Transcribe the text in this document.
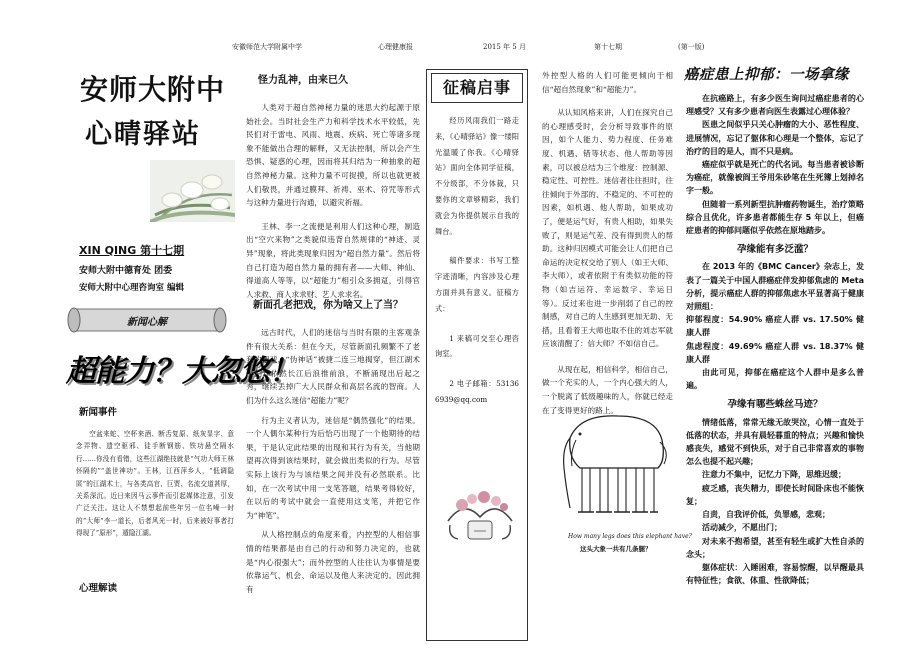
安徽师范大学附属中学	心理健康报	2015 年 5 月	第十七期	(第一版)
安师大附中
心晴驿站
XIN QING 第十七期
安师大附中德育处 团委
安师大附中心理咨询室 编辑
新闻心解
超能力？大忽悠！
新闻事件

空盆来蛇、空杯来酒、断舌复原、纸灰显字、意念弄物、遗空驱邪、徒手断钢筋、铁功悬空隔水行……你没有看错，这些江湖绝技就是“气功大师王林怀隔的”“盖世神功”。王林，江西萍乡人，“低调隐匿”的江湖术士，与各类高官、巨贾、名流交道甚厚，关系深沉。近日来因马云事件而引起媒体注意，引发广泛关注。这让人不禁想起前些年另一位名噪一时的“大师”李一道长，后者风光一时，后来被好事者打得现了“原形”，遁隐江湖。

心理解读
怪力乱神，由来已久

人类对于超自然神秘力量的迷思大约起源于原始社会。当时社会生产力和科学技术水平较低，先民们对于雷电、风雨、地震、疾病、死亡等诸多现象不能做出合理的解释，又无法控制，所以会产生恐惧、疑惑的心理，因而将其归结为一种抽象的超自然神秘力量。这种力量不可捉摸，所以也就更被人们敬畏，并通过膜拜、祈祷、巫术、符咒等形式与这种力量进行沟通，以避灾祈福。

王林、李一之流便是利用人们这种心理，制造出“空穴来物”之类貌似违背自然规律的“神迹、灵异”现象，将此类现象归因为“超自然力量”。然后将自己打造为超自然力量的拥有者——大师、神仙、得道高人等等，以“超能力”相引众多拥趸，引得官人求救、商人求求财、艺人求求名。

新面孔老把戏，你为啥又上了当？

远古时代，人们的迷信与当时有限的主客观条件有很大关系：但在今天，尽管新面孔频繁不了老套的把戏，“伪神话”被捷二连三地揭穿，但江湖术士们却依然长江后浪推前浪，不断涌现出后起之秀，继续丢掉广大人民群众和高层名流的智商。人们为什么这么迷信“超能力”呢？

行为主义者认为，迷信是“偶然强化”的结果。一个人偶尔某种行为后恰巧出现了一个他期待的结果，于是认定此结果的出现和其行为有关，当他期望再次得到该结果时，就会做出类似的行为。尽管实际上该行为与该结果之间并没有必然联系。比如，在一次考试中用一支笔答题，结果考得较好，在以后的考试中就会一直使用这支笔，并把它作为“神笔”。

从人格控制点的角度来看，内控型的人相信事情的结果都是由自己的行动和努力决定的，也就是“内心很强大”；而外控型的人往往认为事情是要依靠运气、机会、命运以及他人来决定的。因此拥有

征稿启事

经历风雨我们一路走来，《心晴驿站》像一缕阳光温暖了你我。《心晴驿站》面向全体同学征稿，不分级部，不分体裁，只要你的文章够精彩，我们就会为你提供展示自我的舞台。

稿件要求：书写工整字迹清晰，内容涉及心理方面并具有意义。征稿方式：

1 来稿可交至心理咨询室。

2 电子邮箱：531366939@qq.com

外控型人格的人们可能更倾向于相信“超自然现象”和“超能力”。

从认知风格来讲，人们在探究自己的心理感受时，会分析导致事件的原因，如个人能力、势力程度、任务难度、机遇、错等状态、他人帮助等因素，可以被总结为三个维度：控制源、稳定性、可控性。迷信者往往担时，往往倾向于外部的、不稳定的、不可控的因素，如机遇、他人帮助，如果成功了，便是运气好，有贵人相助，如果失败了，则是运气差、没有得到贵人的帮助。这种归因模式可能会让人们把自己命运的决定权交给了别人（如王大师、李大师），或者依附于有类似功能的符物（如吉运符、幸运数字、幸运日等）。反过来也进一步削弱了自己的控制感，对自己的人生感到更加无助、无措，且看着王大师也取不住的刘志军就应该清醒了：信大师？不如信自己。

从现在起，相信科学，相信自己，做一个充实的人，一个内心强大的人，一个脱离了低级趣味的人，你就已经走在了变得更好的路上。

How many legs does this elephant have?
这头大象一共有几条腿？
癌症患上抑郁：一场拿缘

在抗癌路上，有多少医生询问过癌症患者的心理感受？又有多少患者向医生表露过心理体验？

医患之间似乎只关心肿瘤的大小、恶性程度、进展情况，忘记了躯体和心理是一个整体，忘记了治疗的目的是人，而不只是病。

癌症似乎就是死亡的代名词。每当患者被诊断为癌症，就像被阎王爷用朱砂笔在生死簿上划掉名字一般。

但随着一系列新型抗肿瘤药物诞生，治疗策略综合且优化，许多患者都能生存 5 年以上，但癌症患者的抑郁问题似乎依然在原地踏步。

孕缘能有多泛滥？

在 2013 年的《BMC Cancer》杂志上，发表了一篇关于中国人群癌症伴发抑郁焦虑的 Meta 分析，提示癌症人群的抑郁焦虑水平显著高于健康对照组：

抑郁程度：54.90% 癌症人群 vs. 17.50% 健康人群

焦虑程度：49.69% 癌症人群 vs. 18.37% 健康人群

由此可见，抑郁在癌症这个人群中是多么普遍。

孕缘有哪些蛛丝马迹？

情绪低落，常常无缘无故哭泣，心情一直处于低落的状态，并具有晨轻暮重的特点；兴趣和愉快感丧失，感觉不到快乐，对于自己非常喜欢的事物怎么也提不起兴趣；

注意力不集中，记忆力下降，思维迟缓；

疲乏感，丧失精力，即使长时间卧床也不能恢复；

自责，自我评价低，负罪感，悲观；

活动减少，不愿出门；

对未来不抱希望，甚至有轻生或扩大性自杀的念头；

躯体症状：入睡困难，容易惊醒，以早醒最具有特征性；食欲、体重、性欲降低；
